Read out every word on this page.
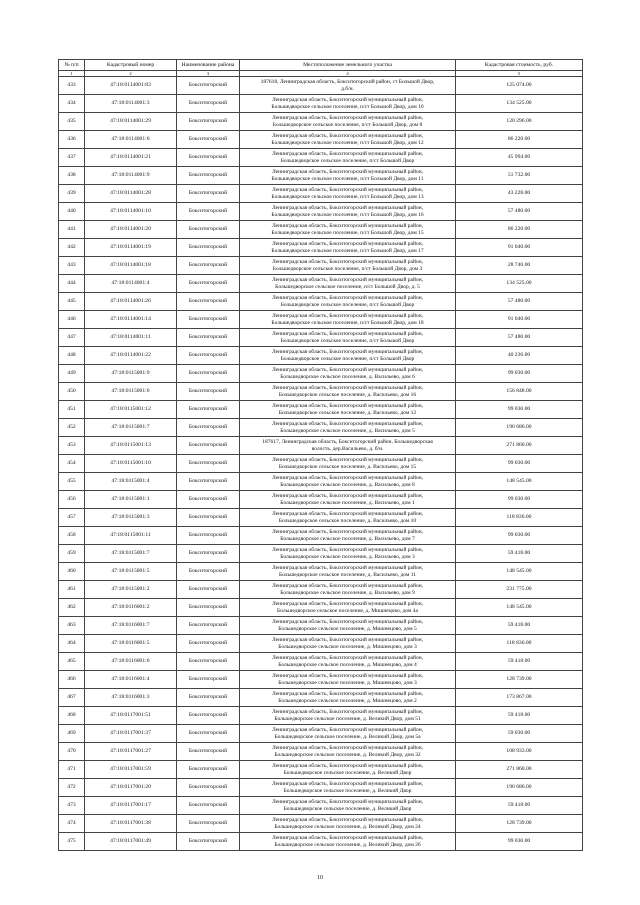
№ п/п	Кадастровый номер	Наименование района	Местоположение земельного участка	Кадастровая стоимость, руб.
1	2	3	4	5
433	47:18:0114001:83	Бокситогорский	187618, Ленинградская область, Бокситогорский район, ст Большой Двор,
д.б/н.	125 074.00
434	47:18:0114001:3	Бокситогорский	Ленинградская область, Бокситогорский муниципальный район,
Большедворское сельское поселение, п/ст Большой Двор, дом 10	134 525.00
435	47:18:0114001:29	Бокситогорский	Ленинградская область, Бокситогорский муниципальный район,
Большедворское сельское поселение, п/ст Большой Двор, дом 8	120 296.00
436	47:18:0114001:6	Бокситогорский	Ленинградская область, Бокситогорский муниципальный район,
Большедворское сельское поселение, п/ст Большой Двор, дом 12	86 220.00
437	47:18:0114001:21	Бокситогорский	Ленинградская область, Бокситогорский муниципальный район,
Большедворское сельское поселение, п/ст Большой Двор	45 994.00
438	47:18:0114001:9	Бокситогорский	Ленинградская область, Бокситогорский муниципальный район,
Большедворское сельское поселение, п/ст Большой Двор, дом 11	51 732.00
439	47:18:0114001:28	Бокситогорский	Ленинградская область, Бокситогорский муниципальный район,
Большедворское сельское поселение, п/ст Большой Двор, дом 13	43 228.00
440	47:18:0114001:10	Бокситогорский	Ленинградская область, Бокситогорский муниципальный район,
Большедворское сельское поселение, п/ст Большой Двор, дом 16	57 480.00
441	47:18:0114001:20	Бокситогорский	Ленинградская область, Бокситогорский муниципальный район,
Большедворское сельское поселение, п/ст Большой Двор, дом 15	86 220.00
442	47:18:0114001:19	Бокситогорский	Ленинградская область, Бокситогорский муниципальный район,
Большедворское сельское поселение, п/ст Большой Двор, дом 17	91 040.00
443	47:18:0114001:18	Бокситогорский	Ленинградская область, Бокситогорский муниципальный район,
Большедворское сельское поселение, п/ст Большой Двор, дом 3	28 740.00
444	47:18:0114001:4	Бокситогорский	Ленинградская область, Бокситогорский муниципальный район,
Большедворское сельское поселение, п/ст Большой Двор, д. 5	134 525.00
445	47:18:0114001:26	Бокситогорский	Ленинградская область, Бокситогорский муниципальный район,
Большедворское сельское поселение, п/ст Большой Двор	57 480.00
446	47:18:0114001:14	Бокситогорский	Ленинградская область, Бокситогорский муниципальный район,
Большедворское сельское поселение, п/ст Большой Двор, дом 18	91 040.00
447	47:18:0114001:11	Бокситогорский	Ленинградская область, Бокситогорский муниципальный район,
Большедворское сельское поселение, п/ст Большой Двор	57 480.00
448	47:18:0114001:22	Бокситогорский	Ленинградская область, Бокситогорский муниципальный район,
Большедворское сельское поселение, п/ст Большой Двор	40 236.00
449	47:18:0115001:9	Бокситогорский	Ленинградская область, Бокситогорский муниципальный район,
Большедворское сельское поселение, д. Васильево, дом 6	99 030.00
450	47:18:0115001:6	Бокситогорский	Ленинградская область, Бокситогорский муниципальный район,
Большедворское сельское поселение, д. Васильево, дом 16	156 848.00
451	47:18:0115001:12	Бокситогорский	Ленинградская область, Бокситогорский муниципальный район,
Большедворское сельское поселение, д. Васильево, дом 12	99 030.00
452	47:18:0115001:7	Бокситогорский	Ленинградская область, Бокситогорский муниципальный район,
Большедворское сельское поселение, д. Васильево, дом 5	190 686.00
453	47:18:0115001:13	Бокситогорский	187617, Ленинградская область, Бокситогорский район, Большедворская
волость, дер.Васильево, д. б/н.	271 860.00
454	47:18:0115001:10	Бокситогорский	Ленинградская область, Бокситогорский муниципальный район,
Большедворское сельское поселение, д. Васильево, дом 15	99 030.00
455	47:18:0115001:4	Бокситогорский	Ленинградская область, Бокситогорский муниципальный район,
Большедворское сельское поселение, д. Васильево, дом 8	148 545.00
456	47:18:0115001:1	Бокситогорский	Ленинградская область, Бокситогорский муниципальный район,
Большедворское сельское поселение, д. Васильево, дом 1	99 030.00
457	47:18:0115001:3	Бокситогорский	Ленинградская область, Бокситогорский муниципальный район,
Большедворское сельское поселение, д. Васильево, дом 10	118 836.00
458	47:18:0115001:11	Бокситогорский	Ленинградская область, Бокситогорский муниципальный район,
Большедворское сельское поселение, д. Васильево, дом 7	99 030.00
459	47:18:0115001:7	Бокситогорский	Ленинградская область, Бокситогорский муниципальный район,
Большедворское сельское поселение, д. Васильево, дом 3	59 418.00
460	47:18:0115001:5	Бокситогорский	Ленинградская область, Бокситогорский муниципальный район,
Большедворское сельское поселение, д. Васильево, дом 11	148 545.00
461	47:18:0115001:2	Бокситогорский	Ленинградская область, Бокситогорский муниципальный район,
Большедворское сельское поселение, д. Васильево, дом 9	231 775.00
462	47:18:0116001:2	Бокситогорский	Ленинградская область, Бокситогорский муниципальный район,
Большедворское сельское поселение, д. Мишнецово, дом 4а	148 545.00
463	47:18:0116001:7	Бокситогорский	Ленинградская область, Бокситогорский муниципальный район,
Большедворское сельское поселение, д. Мишнецово, дом 5	59 418.00
464	47:18:0116001:5	Бокситогорский	Ленинградская область, Бокситогорский муниципальный район,
Большедворское сельское поселение, д. Мишнецово, дом 3	118 836.00
465	47:18:0116001:6	Бокситогорский	Ленинградская область, Бокситогорский муниципальный район,
Большедворское сельское поселение, д. Мишнецово, дом 4	59 418.00
466	47:18:0116001:4	Бокситогорский	Ленинградская область, Бокситогорский муниципальный район,
Большедворское сельское поселение, д. Мишнецово, дом 3	128 739.00
467	47:18:0116001:3	Бокситогорский	Ленинградская область, Бокситогорский муниципальный район,
Большедворское сельское поселение, д. Мишнецово, дом 2	173 867.00
468	47:18:0117001:51	Бокситогорский	Ленинградская область, Бокситогорский муниципальный район,
Большедворское сельское поселение, д. Великий Двор, дом 51	59 418.00
469	47:18:0117001:37	Бокситогорский	Ленинградская область, Бокситогорский муниципальный район,
Большедворское сельское поселение, д. Великий Двор, дом 5а	59 030.00
470	47:18:0117001:27	Бокситогорский	Ленинградская область, Бокситогорский муниципальный район,
Большедворское сельское поселение, д. Великий Двор, дом 32	108 933.00
471	47:18:0117001:59	Бокситогорский	Ленинградская область, Бокситогорский муниципальный район,
Большедворское сельское поселение, д. Великий Двор	271 860.00
472	47:18:0117001:20	Бокситогорский	Ленинградская область, Бокситогорский муниципальный район,
Большедворское сельское поселение, д. Великий Двор	190 686.00
473	47:18:0117001:17	Бокситогорский	Ленинградская область, Бокситогорский муниципальный район,
Большедворское сельское поселение, д. Великий Двор	59 418.00
474	47:18:0117001:38	Бокситогорский	Ленинградская область, Бокситогорский муниципальный район,
Большедворское сельское поселение, д. Великий Двор, дом 24	128 739.00
475	47:18:0117001:49	Бокситогорский	Ленинградская область, Бокситогорский муниципальный район,
Большедворское сельское поселение, д. Великий Двор, дом 26	99 030.00
10
